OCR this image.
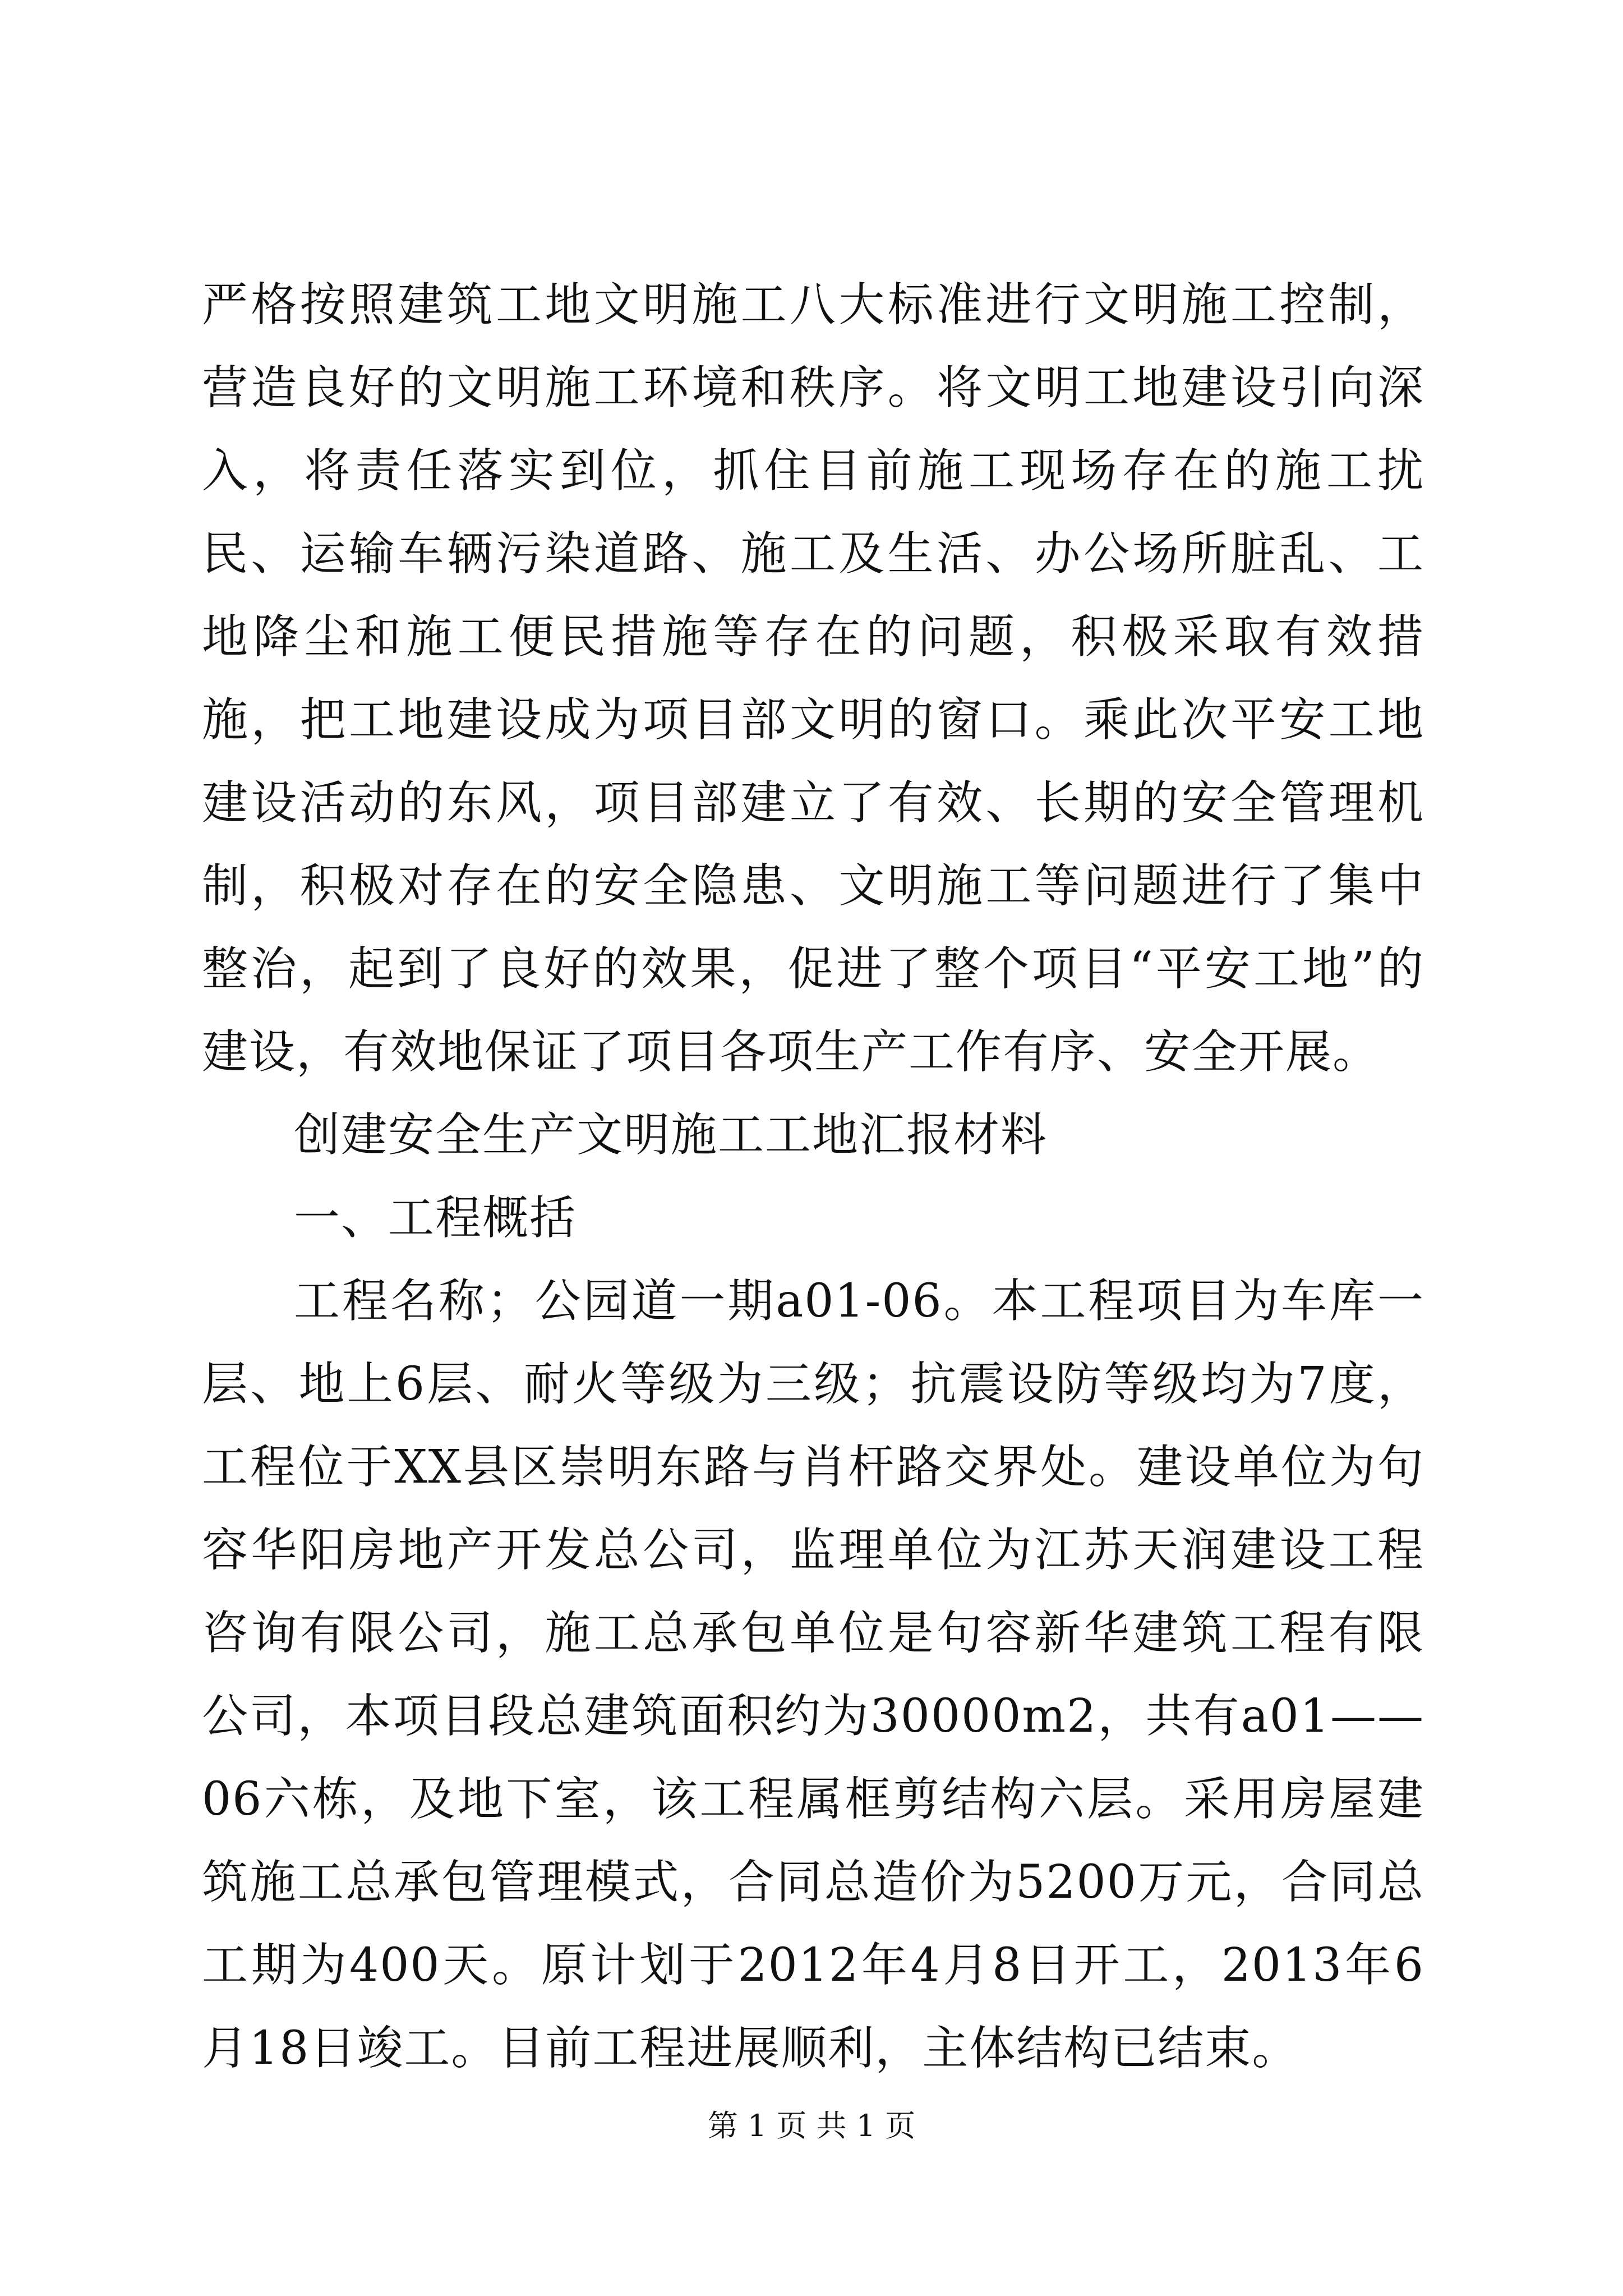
严格按照建筑工地文明施工八大标准进行文明施工控制，营造良好的文明施工环境和秩序。将文明工地建设引向深入，将责任落实到位，抓住目前施工现场存在的施工扰民、运输车辆污染道路、施工及生活、办公场所脏乱、工地降尘和施工便民措施等存在的问题，积极采取有效措施，把工地建设成为项目部文明的窗口。乘此次平安工地建设活动的东风，项目部建立了有效、长期的安全管理机制，积极对存在的安全隐患、文明施工等问题进行了集中整治，起到了良好的效果，促进了整个项目“平安工地”的建设，有效地保证了项目各项生产工作有序、安全开展。

创建安全生产文明施工工地汇报材料

一、工程概括

工程名称；公园道一期a01-06。本工程项目为车库一层、地上6层、耐火等级为三级；抗震设防等级均为7度，工程位于XX县区崇明东路与肖杆路交界处。建设单位为句容华阳房地产开发总公司，监理单位为江苏天润建设工程咨询有限公司，施工总承包单位是句容新华建筑工程有限公司，本项目段总建筑面积约为30000m2，共有a01——06六栋，及地下室，该工程属框剪结构六层。采用房屋建筑施工总承包管理模式，合同总造价为5200万元，合同总工期为400天。原计划于2012年4月8日开工，2013年6月18日竣工。目前工程进展顺利，主体结构已结束。

第 1 页 共 1 页
